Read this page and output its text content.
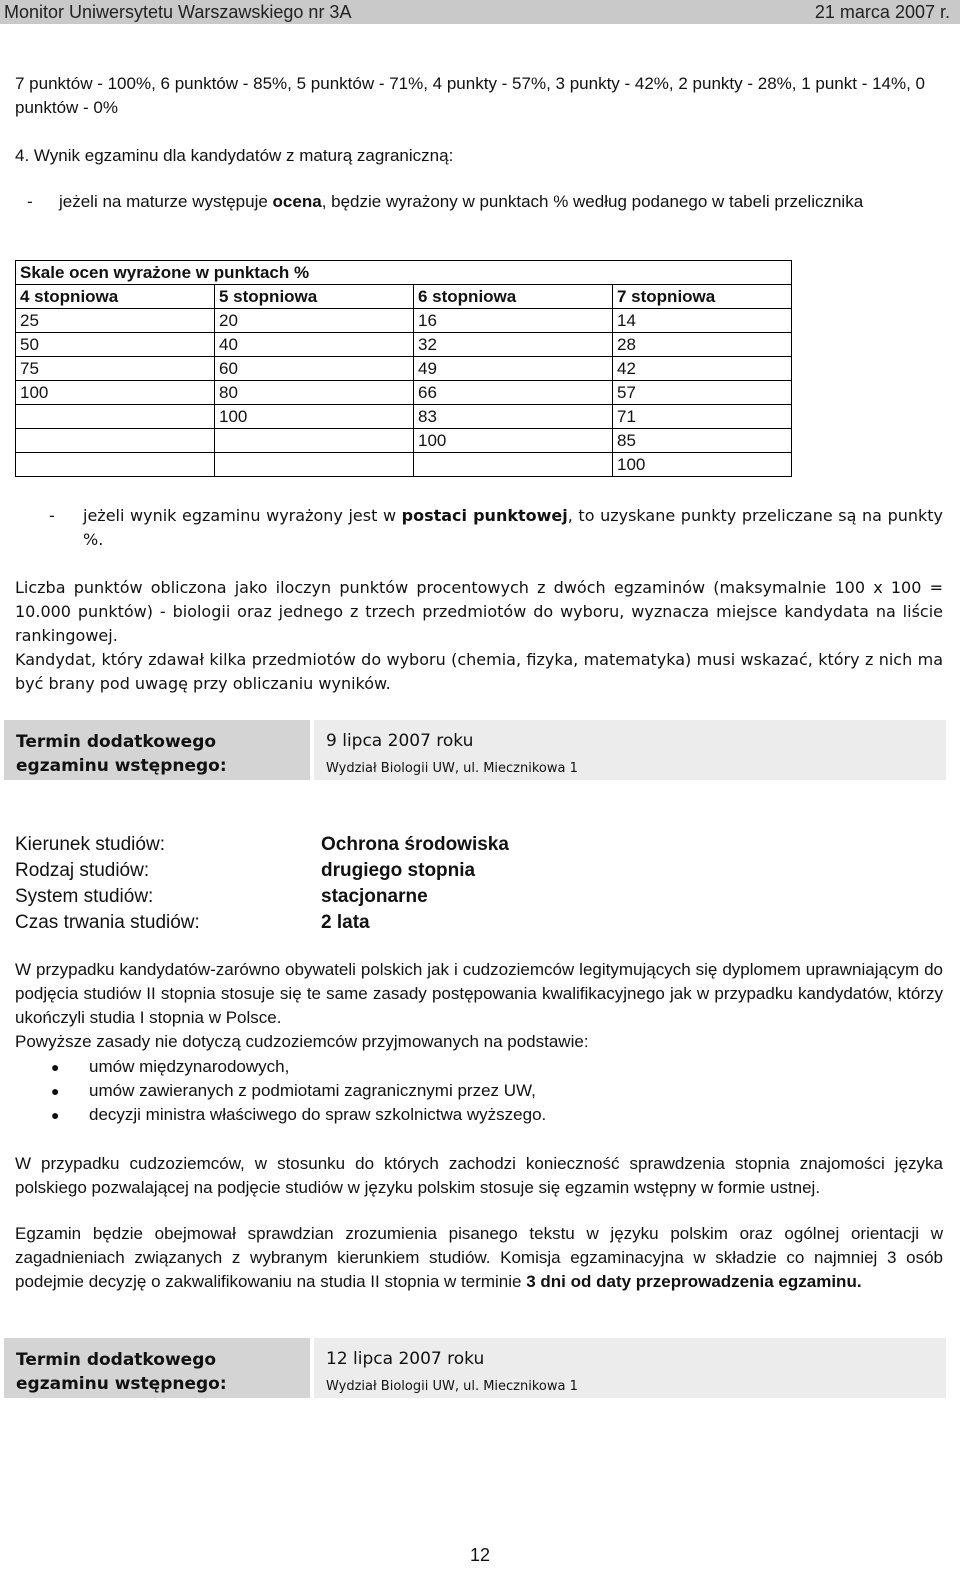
Monitor Uniwersytetu Warszawskiego nr 3A	21 marca 2007 r.
7 punktów - 100%, 6 punktów - 85%, 5 punktów - 71%, 4 punkty - 57%, 3 punkty - 42%, 2 punkty - 28%, 1 punkt - 14%, 0 punktów - 0%
4. Wynik egzaminu dla kandydatów z maturą zagraniczną:
-	jeżeli na maturze występuje ocena, będzie wyrażony w punktach % według podanego w tabeli przelicznika
Skale ocen wyrażone w punktach %			
4 stopniowa	5 stopniowa	6 stopniowa	7 stopniowa
25	20	16	14
50	40	32	28
75	60	49	42
100	80	66	57
	100	83	71
		100	85
			100
-	jeżeli wynik egzaminu wyrażony jest w postaci punktowej, to uzyskane punkty przeliczane są na punkty %.
Liczba punktów obliczona jako iloczyn punktów procentowych z dwóch egzaminów (maksymalnie 100 x 100 = 10.000 punktów) - biologii oraz jednego z trzech przedmiotów do wyboru, wyznacza miejsce kandydata na liście rankingowej.
Kandydat, który zdawał kilka przedmiotów do wyboru (chemia, fizyka, matematyka) musi wskazać, który z nich ma być brany pod uwagę przy obliczaniu wyników.
Termin dodatkowego egzaminu wstępnego:
9 lipca 2007 roku
Wydział Biologii UW, ul. Miecznikowa 1
Kierunek studiów:	Ochrona środowiska
Rodzaj studiów:	drugiego stopnia
System studiów:	stacjonarne
Czas trwania studiów:	2 lata
W przypadku kandydatów-zarówno obywateli polskich jak i cudzoziemców legitymujących się dyplomem uprawniającym do podjęcia studiów II stopnia stosuje się te same zasady postępowania kwalifikacyjnego jak w przypadku kandydatów, którzy ukończyli studia I stopnia w Polsce.
Powyższe zasady nie dotyczą cudzoziemców przyjmowanych na podstawie:
●	umów międzynarodowych,
●	umów zawieranych z podmiotami zagranicznymi przez UW,
●	decyzji ministra właściwego do spraw szkolnictwa wyższego.
W przypadku cudzoziemców, w stosunku do których zachodzi konieczność sprawdzenia stopnia znajomości języka polskiego pozwalającej na podjęcie studiów w języku polskim stosuje się egzamin wstępny w formie ustnej.
Egzamin będzie obejmował sprawdzian zrozumienia pisanego tekstu w języku polskim oraz ogólnej orientacji w zagadnieniach związanych z wybranym kierunkiem studiów. Komisja egzaminacyjna w składzie co najmniej 3 osób podejmie decyzję o zakwalifikowaniu na studia II stopnia w terminie 3 dni od daty przeprowadzenia egzaminu.
Termin dodatkowego egzaminu wstępnego:
12 lipca 2007 roku
Wydział Biologii UW, ul. Miecznikowa 1
12
